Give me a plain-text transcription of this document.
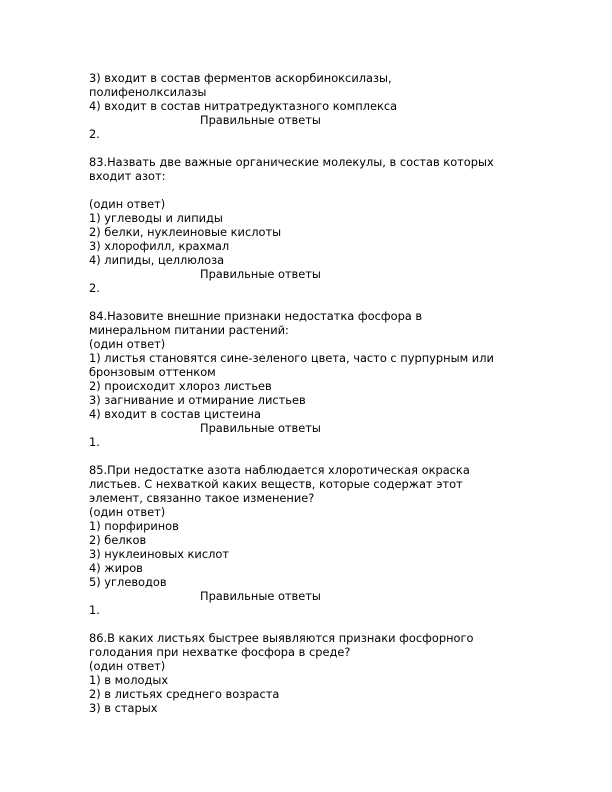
3) входит в состав ферментов аскорбиноксилазы,
полифенолксилазы
4) входит в состав нитратредуктазного комплекса
Правильные ответы
2.
83.Назвать две важные органические молекулы, в состав которых
входит азот:
(один ответ)
1) углеводы и липиды
2) белки, нуклеиновые кислоты
3) хлорофилл, крахмал
4) липиды, целлюлоза
Правильные ответы
2.
84.Назовите внешние признаки недостатка фосфора в
минеральном питании растений:
(один ответ)
1) листья становятся сине-зеленого цвета, часто с пурпурным или
бронзовым оттенком
2) происходит хлороз листьев
3) загнивание и отмирание листьев
4) входит в состав цистеина
Правильные ответы
1.
85.При недостатке азота наблюдается хлоротическая окраска
листьев. С нехваткой каких веществ, которые содержат этот
элемент, связанно такое изменение?
(один ответ)
1) порфиринов
2) белков
3) нуклеиновых кислот
4) жиров
5) углеводов
Правильные ответы
1.
86.В каких листьях быстрее выявляются признаки фосфорного
голодания при нехватке фосфора в среде?
(один ответ)
1) в молодых
2) в листьях среднего возраста
3) в старых
